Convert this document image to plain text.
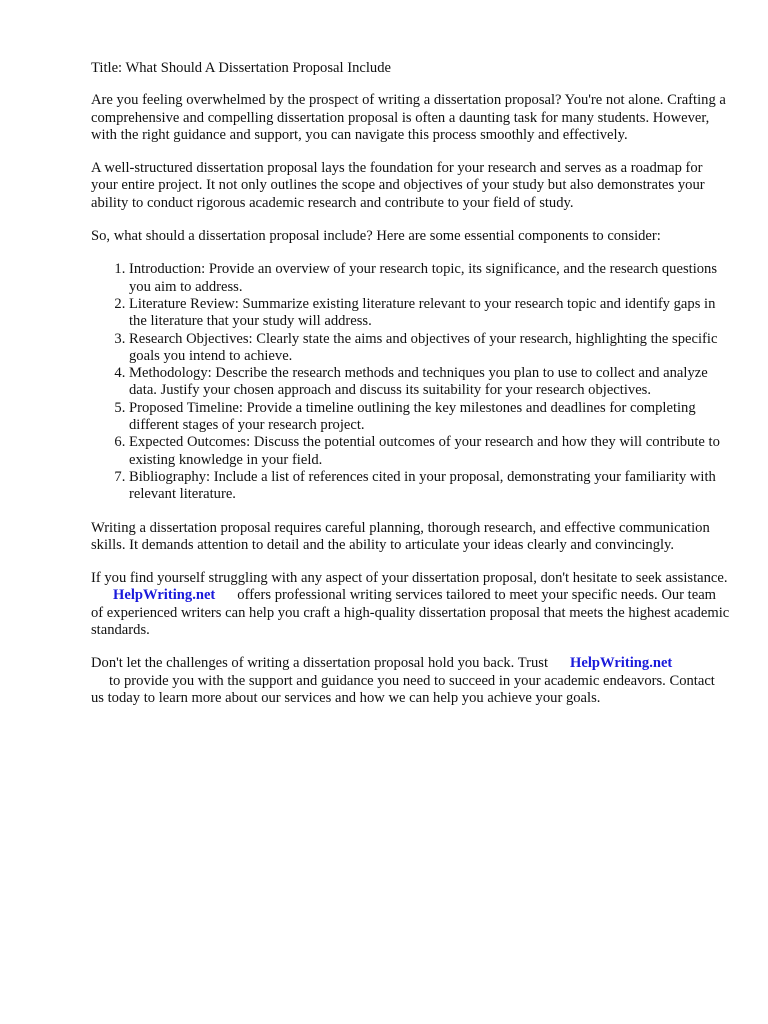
Title: What Should A Dissertation Proposal Include

Are you feeling overwhelmed by the prospect of writing a dissertation proposal? You're not alone. Crafting a comprehensive and compelling dissertation proposal is often a daunting task for many students. However, with the right guidance and support, you can navigate this process smoothly and effectively.

A well-structured dissertation proposal lays the foundation for your research and serves as a roadmap for your entire project. It not only outlines the scope and objectives of your study but also demonstrates your ability to conduct rigorous academic research and contribute to your field of study.

So, what should a dissertation proposal include? Here are some essential components to consider:

1. Introduction: Provide an overview of your research topic, its significance, and the research questions you aim to address.
2. Literature Review: Summarize existing literature relevant to your research topic and identify gaps in the literature that your study will address.
3. Research Objectives: Clearly state the aims and objectives of your research, highlighting the specific goals you intend to achieve.
4. Methodology: Describe the research methods and techniques you plan to use to collect and analyze data. Justify your chosen approach and discuss its suitability for your research objectives.
5. Proposed Timeline: Provide a timeline outlining the key milestones and deadlines for completing different stages of your research project.
6. Expected Outcomes: Discuss the potential outcomes of your research and how they will contribute to existing knowledge in your field.
7. Bibliography: Include a list of references cited in your proposal, demonstrating your familiarity with relevant literature.

Writing a dissertation proposal requires careful planning, thorough research, and effective communication skills. It demands attention to detail and the ability to articulate your ideas clearly and convincingly.

If you find yourself struggling with any aspect of your dissertation proposal, don't hesitate to seek assistance.HelpWriting.net offers professional writing services tailored to meet your specific needs. Our team of experienced writers can help you craft a high-quality dissertation proposal that meets the highest academic standards.

Don't let the challenges of writing a dissertation proposal hold you back. Trust HelpWriting.net
to provide you with the support and guidance you need to succeed in your academic endeavors. Contact us today to learn more about our services and how we can help you achieve your goals.
